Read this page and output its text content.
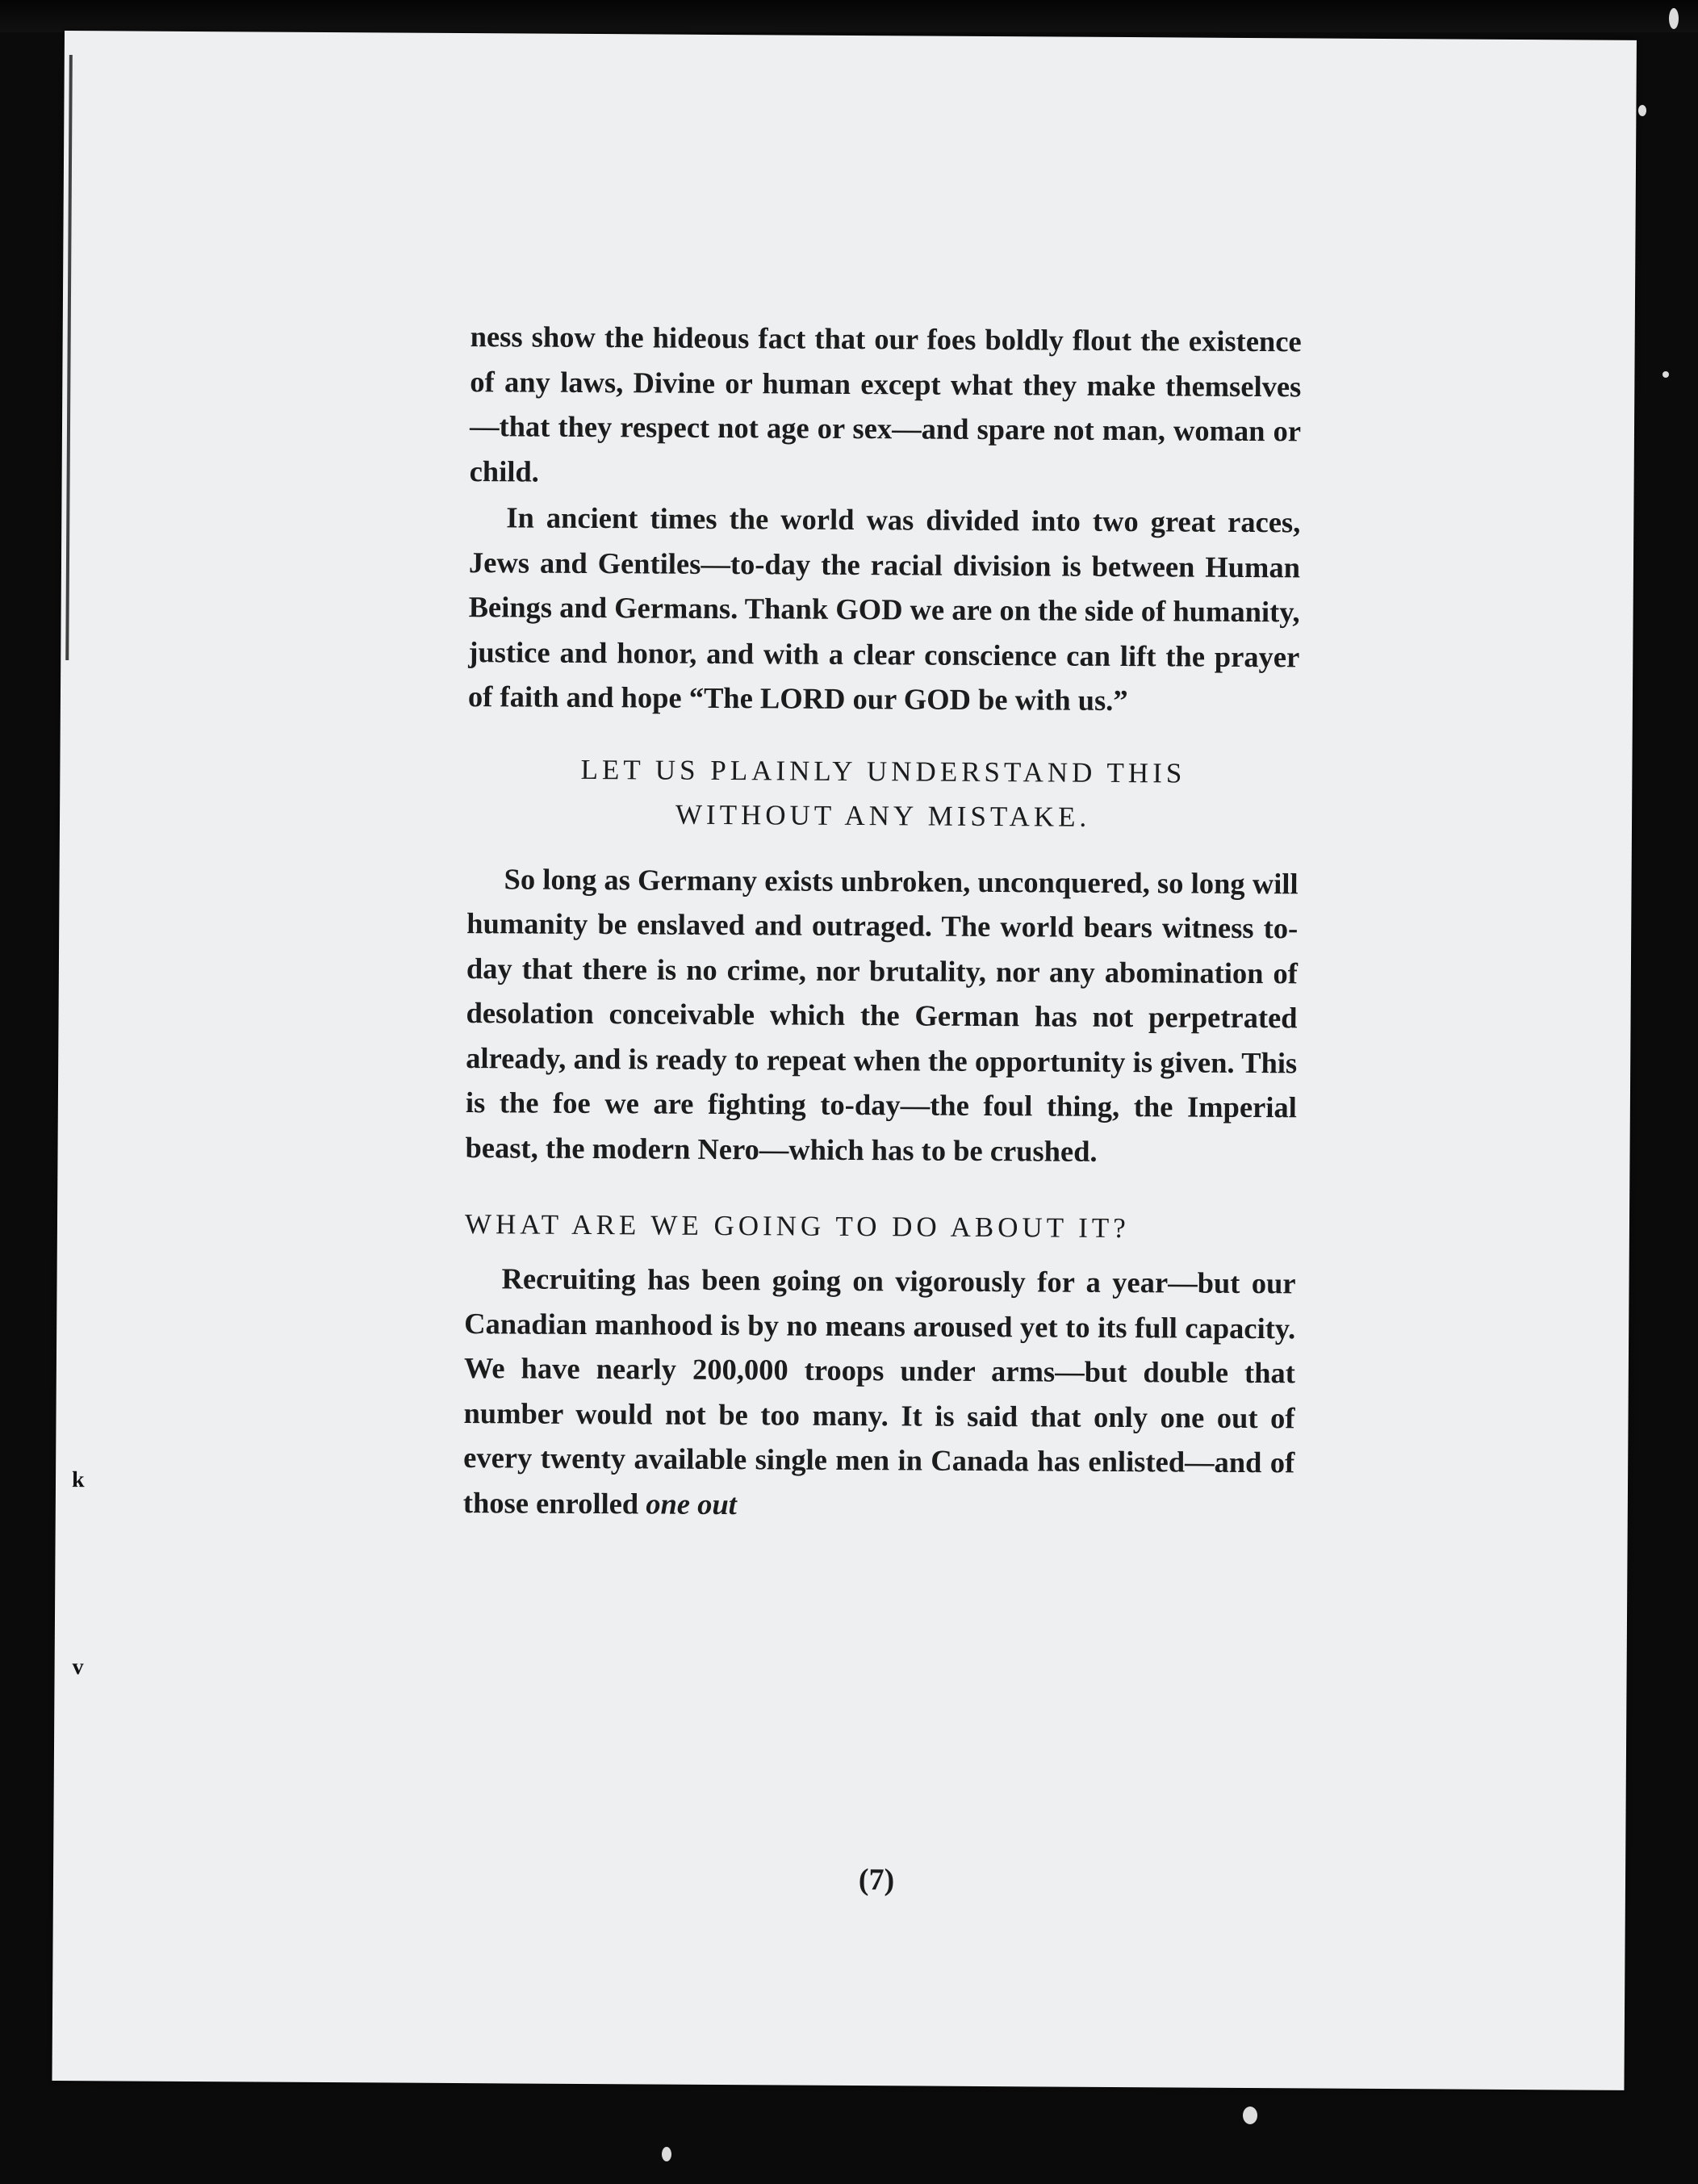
k
v

ness show the hideous fact that our foes boldly flout the existence of any laws, Divine or human except what they make themselves—that they respect not age or sex—and spare not man, woman or child.

In ancient times the world was divided into two great races, Jews and Gentiles—to-day the racial division is between Human Beings and Germans. Thank GOD we are on the side of humanity, justice and honor, and with a clear conscience can lift the prayer of faith and hope “The LORD our GOD be with us.”

LET US PLAINLY UNDERSTAND THIS
WITHOUT ANY MISTAKE.

So long as Germany exists unbroken, unconquered, so long will humanity be enslaved and outraged. The world bears witness to-day that there is no crime, nor brutality, nor any abomination of desolation conceivable which the German has not perpetrated already, and is ready to repeat when the opportunity is given. This is the foe we are fighting to-day—the foul thing, the Imperial beast, the modern Nero—which has to be crushed.

WHAT ARE WE GOING TO DO ABOUT IT?

Recruiting has been going on vigorously for a year—but our Canadian manhood is by no means aroused yet to its full capacity. We have nearly 200,000 troops under arms—but double that number would not be too many. It is said that only one out of every twenty available single men in Canada has enlisted—and of those enrolled one out

(7)
